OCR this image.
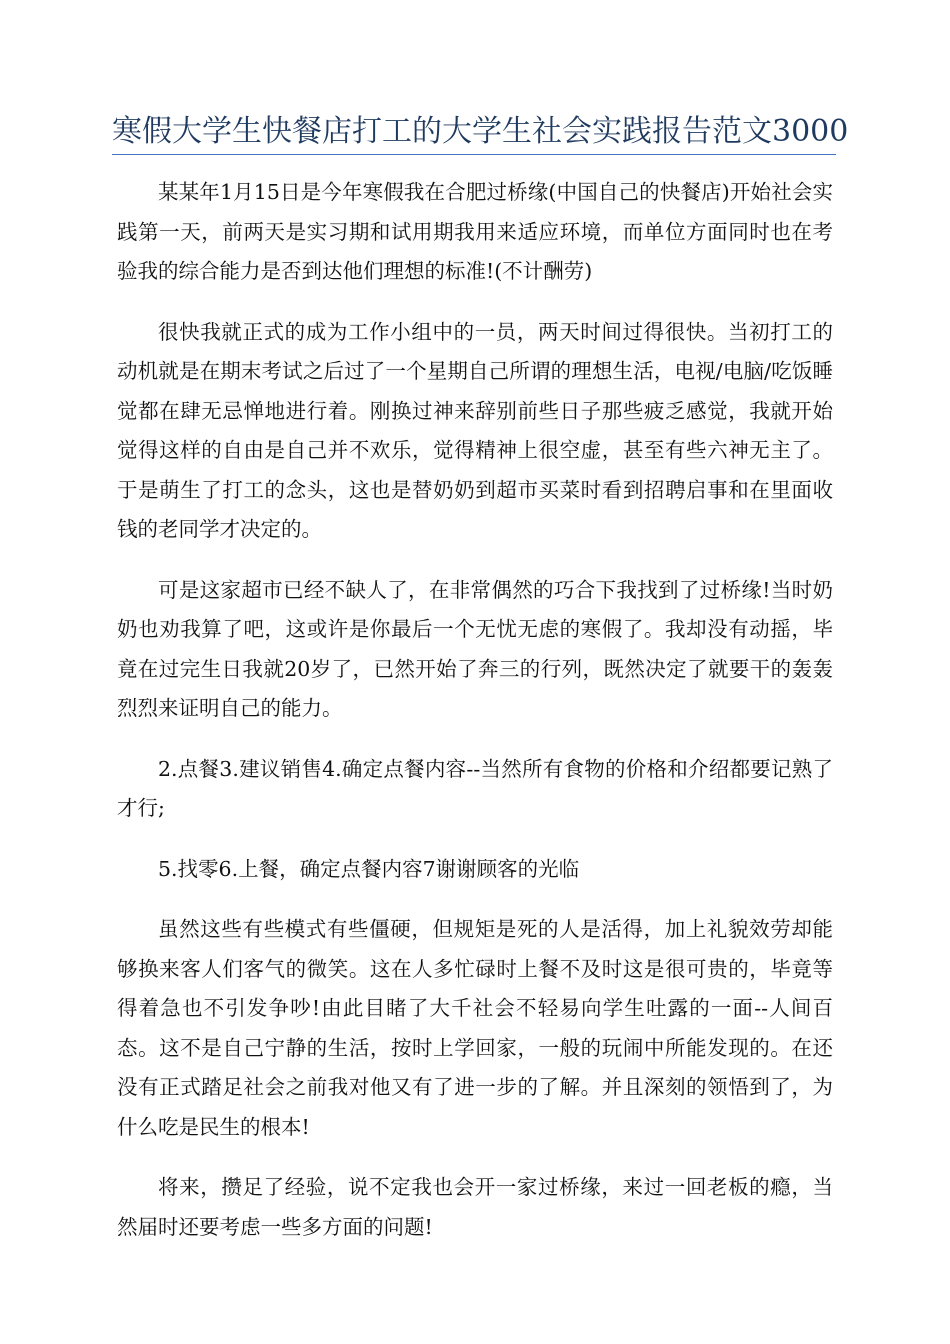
寒假大学生快餐店打工的大学生社会实践报告范文3000

某某年1月15日是今年寒假我在合肥过桥缘(中国自己的快餐店)开始社会实践第一天，前两天是实习期和试用期我用来适应环境，而单位方面同时也在考验我的综合能力是否到达他们理想的标准!(不计酬劳)

很快我就正式的成为工作小组中的一员，两天时间过得很快。当初打工的动机就是在期末考试之后过了一个星期自己所谓的理想生活，电视/电脑/吃饭睡觉都在肆无忌惮地进行着。刚换过神来辞别前些日子那些疲乏感觉，我就开始觉得这样的自由是自己并不欢乐，觉得精神上很空虚，甚至有些六神无主了。于是萌生了打工的念头，这也是替奶奶到超市买菜时看到招聘启事和在里面收钱的老同学才决定的。

可是这家超市已经不缺人了，在非常偶然的巧合下我找到了过桥缘!当时奶奶也劝我算了吧，这或许是你最后一个无忧无虑的寒假了。我却没有动摇，毕竟在过完生日我就20岁了，已然开始了奔三的行列，既然决定了就要干的轰轰烈烈来证明自己的能力。

2.点餐3.建议销售4.确定点餐内容--当然所有食物的价格和介绍都要记熟了才行;

5.找零6.上餐，确定点餐内容7谢谢顾客的光临

虽然这些有些模式有些僵硬，但规矩是死的人是活得，加上礼貌效劳却能够换来客人们客气的微笑。这在人多忙碌时上餐不及时这是很可贵的，毕竟等得着急也不引发争吵!由此目睹了大千社会不轻易向学生吐露的一面--人间百态。这不是自己宁静的生活，按时上学回家，一般的玩闹中所能发现的。在还没有正式踏足社会之前我对他又有了进一步的了解。并且深刻的领悟到了，为什么吃是民生的根本!

将来，攒足了经验，说不定我也会开一家过桥缘，来过一回老板的瘾，当然届时还要考虑一些多方面的问题!
